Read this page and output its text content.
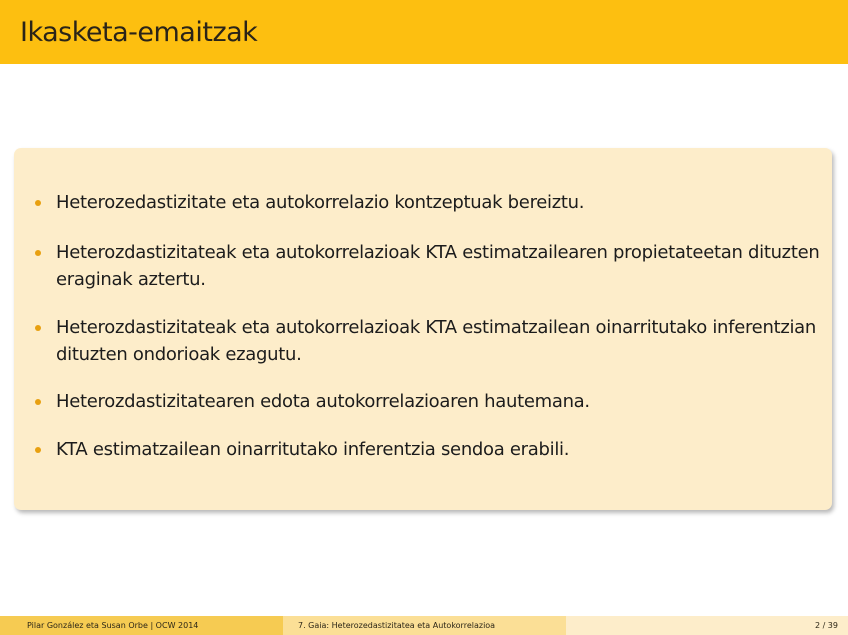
Ikasketa-emaitzak
Heterozedastizitate eta autokorrelazio kontzeptuak bereiztu.
Heterozdastizitateak eta autokorrelazioak KTA estimatzailearen propietateetan dituzten eraginak aztertu.
Heterozdastizitateak eta autokorrelazioak KTA estimatzailean oinarritutako inferentzian dituzten ondorioak ezagutu.
Heterozdastizitatearen edota autokorrelazioaren hautemana.
KTA estimatzailean oinarritutako inferentzia sendoa erabili.
Pilar González eta Susan Orbe | OCW 2014	7. Gaia: Heterozedastizitatea eta Autokorrelazioa	2 / 39
